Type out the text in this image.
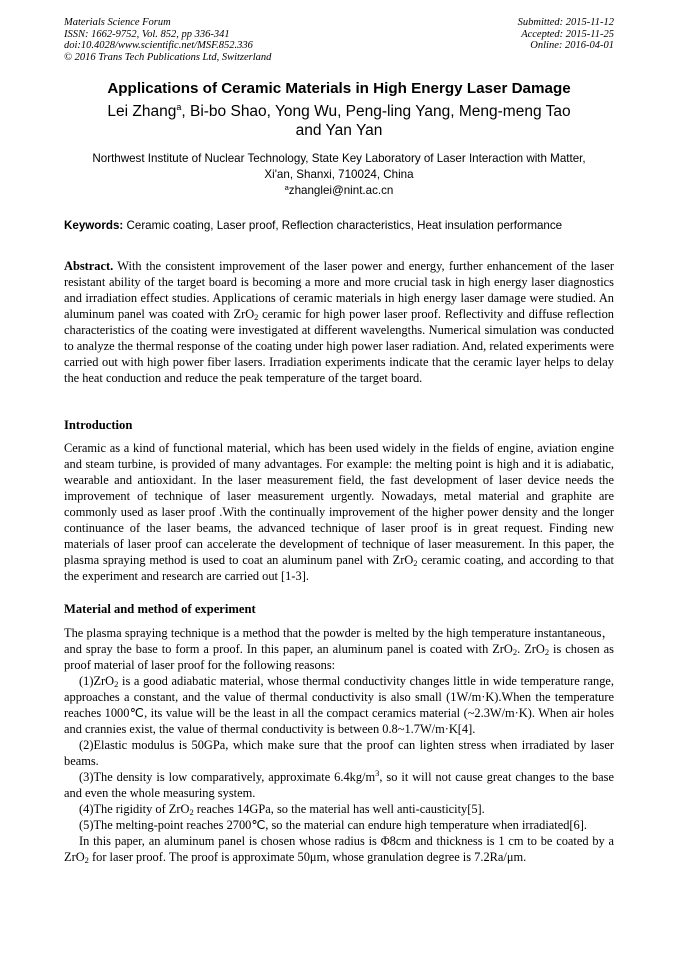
Materials Science Forum
ISSN: 1662-9752, Vol. 852, pp 336-341
doi:10.4028/www.scientific.net/MSF.852.336
© 2016 Trans Tech Publications Ltd, Switzerland
Submitted: 2015-11-12
Accepted: 2015-11-25
Online: 2016-04-01
Applications of Ceramic Materials in High Energy Laser Damage
Lei Zhang$^a$, Bi-bo Shao, Yong Wu, Peng-ling Yang, Meng-meng Tao
and Yan Yan
Northwest Institute of Nuclear Technology, State Key Laboratory of Laser Interaction with Matter,
Xi'an, Shanxi, 710024, China
$^a$zhanglei@nint.ac.cn
Keywords: Ceramic coating, Laser proof, Reflection characteristics, Heat insulation performance
Abstract. With the consistent improvement of the laser power and energy, further enhancement of the laser resistant ability of the target board is becoming a more and more crucial task in high energy laser diagnostics and irradiation effect studies. Applications of ceramic materials in high energy laser damage were studied. An aluminum panel was coated with ZrO$_2$ ceramic for high power laser proof. Reflectivity and diffuse reflection characteristics of the coating were investigated at different wavelengths. Numerical simulation was conducted to analyze the thermal response of the coating under high power laser radiation. And, related experiments were carried out with high power fiber lasers. Irradiation experiments indicate that the ceramic layer helps to delay the heat conduction and reduce the peak temperature of the target board.
Introduction
Ceramic as a kind of functional material, which has been used widely in the fields of engine, aviation engine and steam turbine, is provided of many advantages. For example: the melting point is high and it is adiabatic, wearable and antioxidant. In the laser measurement field, the fast development of laser device needs the improvement of technique of laser measurement urgently. Nowadays, metal material and graphite are commonly used as laser proof .With the continually improvement of the higher power density and the longer continuance of the laser beams, the advanced technique of laser proof is in great request. Finding new materials of laser proof can accelerate the development of technique of laser measurement. In this paper, the plasma spraying method is used to coat an aluminum panel with ZrO$_2$ ceramic coating, and according to that the experiment and research are carried out [1-3].
Material and method of experiment
The plasma spraying technique is a method that the powder is melted by the high temperature instantaneous，and spray the base to form a proof. In this paper, an aluminum panel is coated with ZrO$_2$. ZrO$_2$ is chosen as proof material of laser proof for the following reasons:
(1)ZrO$_2$ is a good adiabatic material, whose thermal conductivity changes little in wide temperature range, approaches a constant, and the value of thermal conductivity is also small (1W/m·K).When the temperature reaches 1000℃, its value will be the least in all the compact ceramics material (~2.3W/m·K). When air holes and crannies exist, the value of thermal conductivity is between 0.8~1.7W/m·K[4].
(2)Elastic modulus is 50GPa, which make sure that the proof can lighten stress when irradiated by laser beams.
(3)The density is low comparatively, approximate $6.4kg/m^3$, so it will not cause great changes to the base and even the whole measuring system.
(4)The rigidity of ZrO$_2$ reaches 14GPa, so the material has well anti-causticity[5].
(5)The melting-point reaches 2700℃, so the material can endure high temperature when irradiated[6].
In this paper, an aluminum panel is chosen whose radius is Φ8cm and thickness is 1 cm to be coated by a ZrO$_2$ for laser proof. The proof is approximate 50μm, whose granulation degree is 7.2Ra/μm.
